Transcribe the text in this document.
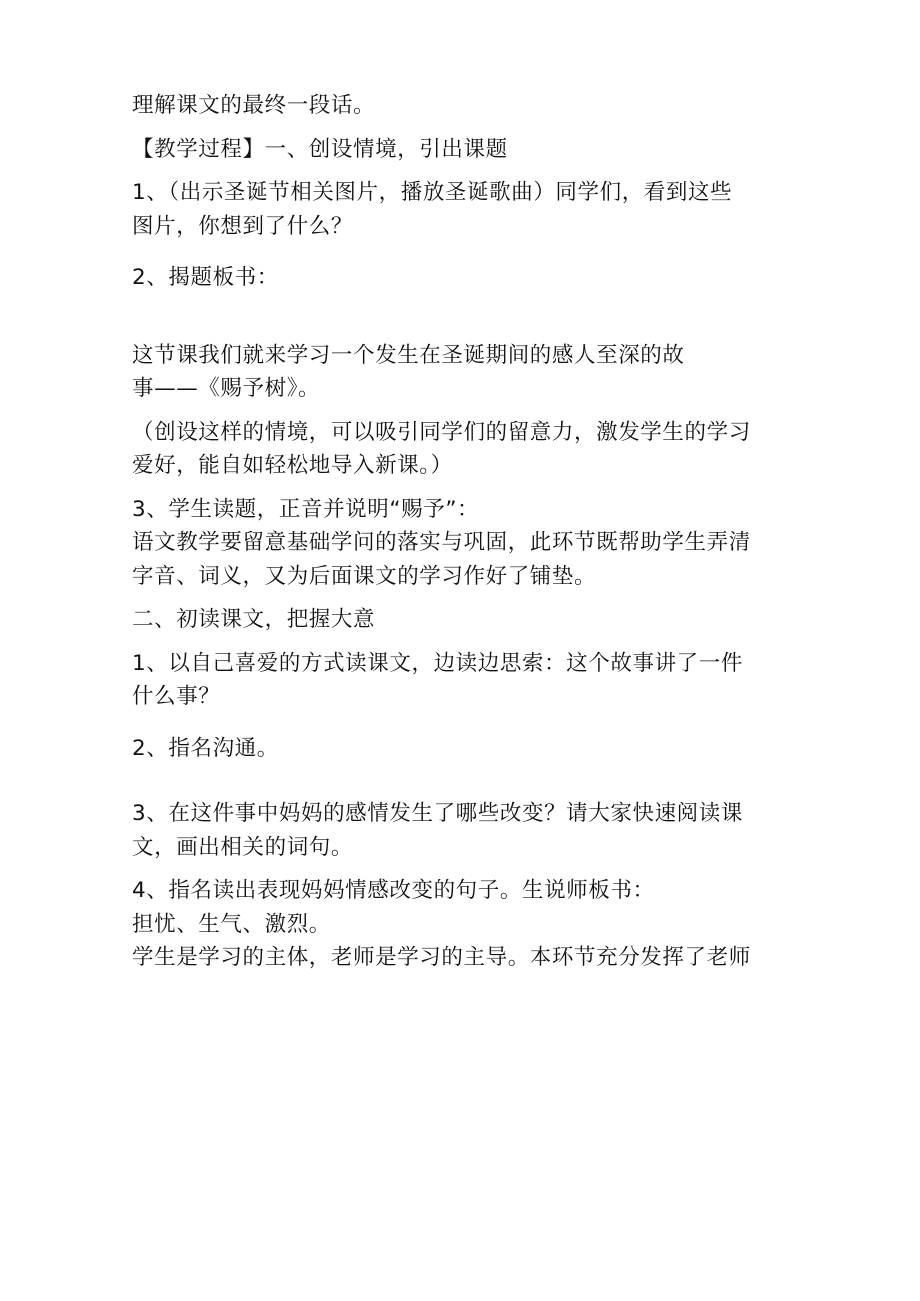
理解课文的最终一段话。

【教学过程】一、创设情境，引出课题

1、（出示圣诞节相关图片，播放圣诞歌曲）同学们，看到这些

图片，你想到了什么？

2、揭题板书：

这节课我们就来学习一个发生在圣诞期间的感人至深的故

事——《赐予树》。

（创设这样的情境，可以吸引同学们的留意力，激发学生的学习

爱好，能自如轻松地导入新课。）

3、学生读题，正音并说明“赐予”：

语文教学要留意基础学问的落实与巩固，此环节既帮助学生弄清

字音、词义，又为后面课文的学习作好了铺垫。

二、初读课文，把握大意

1、以自己喜爱的方式读课文，边读边思索：这个故事讲了一件

什么事？

2、指名沟通。

3、在这件事中妈妈的感情发生了哪些改变？请大家快速阅读课

文，画出相关的词句。

4、指名读出表现妈妈情感改变的句子。生说师板书：

担忧、生气、激烈。

学生是学习的主体，老师是学习的主导。本环节充分发挥了老师
